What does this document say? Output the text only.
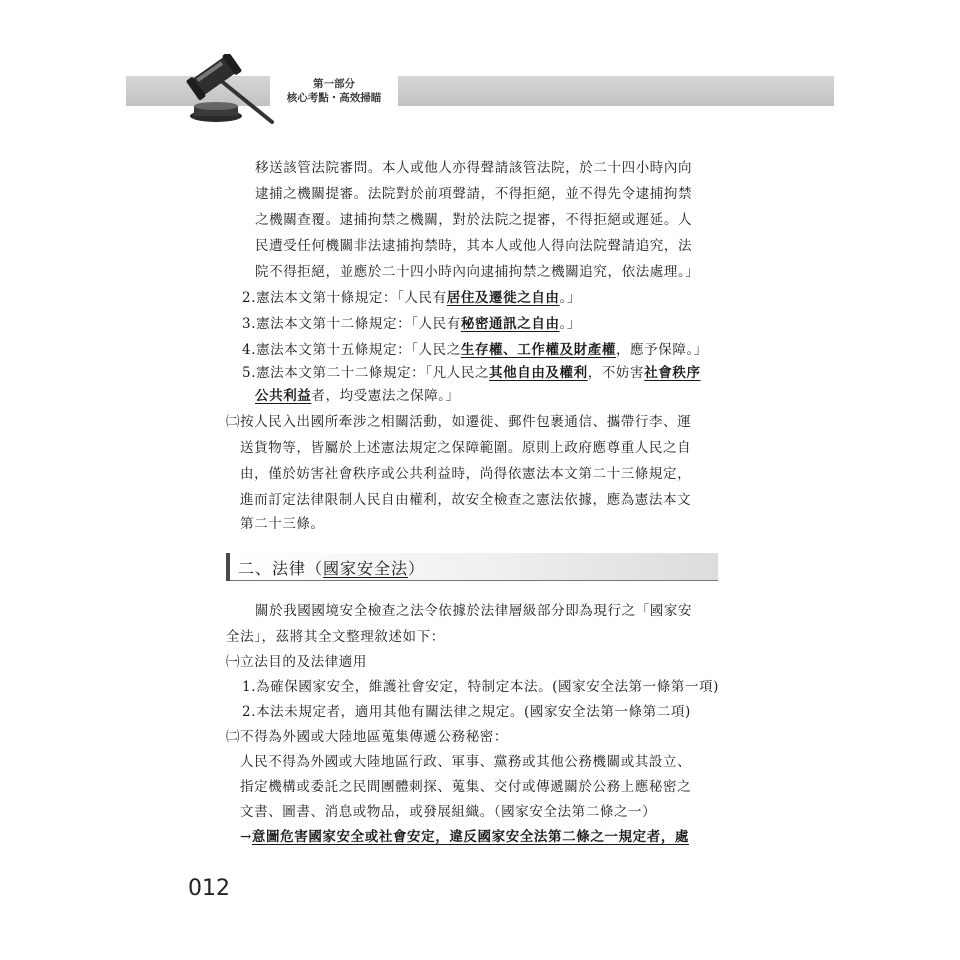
第一部分
核心考點・高效掃瞄
移送該管法院審問。本人或他人亦得聲請該管法院，於二十四小時內向
逮捕之機關提審。法院對於前項聲請，不得拒絕，並不得先令逮捕拘禁
之機關查覆。逮捕拘禁之機關，對於法院之提審，不得拒絕或遲延。人
民遭受任何機關非法逮捕拘禁時，其本人或他人得向法院聲請追究，法
院不得拒絕，並應於二十四小時內向逮捕拘禁之機關追究，依法處理。」
2.憲法本文第十條規定：「人民有居住及遷徙之自由。」
3.憲法本文第十二條規定：「人民有秘密通訊之自由。」
4.憲法本文第十五條規定：「人民之生存權、工作權及財產權，應予保障。」
5.憲法本文第二十二條規定：「凡人民之其他自由及權利，不妨害社會秩序
公共利益者，均受憲法之保障。」
㈡按人民入出國所牽涉之相關活動，如遷徙、郵件包裹通信、攜帶行李、運
送貨物等，皆屬於上述憲法規定之保障範圍。原則上政府應尊重人民之自
由，僅於妨害社會秩序或公共利益時，尚得依憲法本文第二十三條規定，
進而訂定法律限制人民自由權利，故安全檢查之憲法依據，應為憲法本文
第二十三條。
二、法律（國家安全法）
關於我國國境安全檢查之法令依據於法律層級部分即為現行之「國家安
全法」，茲將其全文整理敘述如下：
㈠立法目的及法律適用
1.為確保國家安全，維護社會安定，特制定本法。(國家安全法第一條第一項)
2.本法未規定者，適用其他有關法律之規定。(國家安全法第一條第二項)
㈡不得為外國或大陸地區蒐集傳遞公務秘密：
人民不得為外國或大陸地區行政、軍事、黨務或其他公務機關或其設立、
指定機構或委託之民間團體刺探、蒐集、交付或傳遞關於公務上應秘密之
文書、圖書、消息或物品，或發展組織。（國家安全法第二條之一）
→意圖危害國家安全或社會安定，違反國家安全法第二條之一規定者，處
012
